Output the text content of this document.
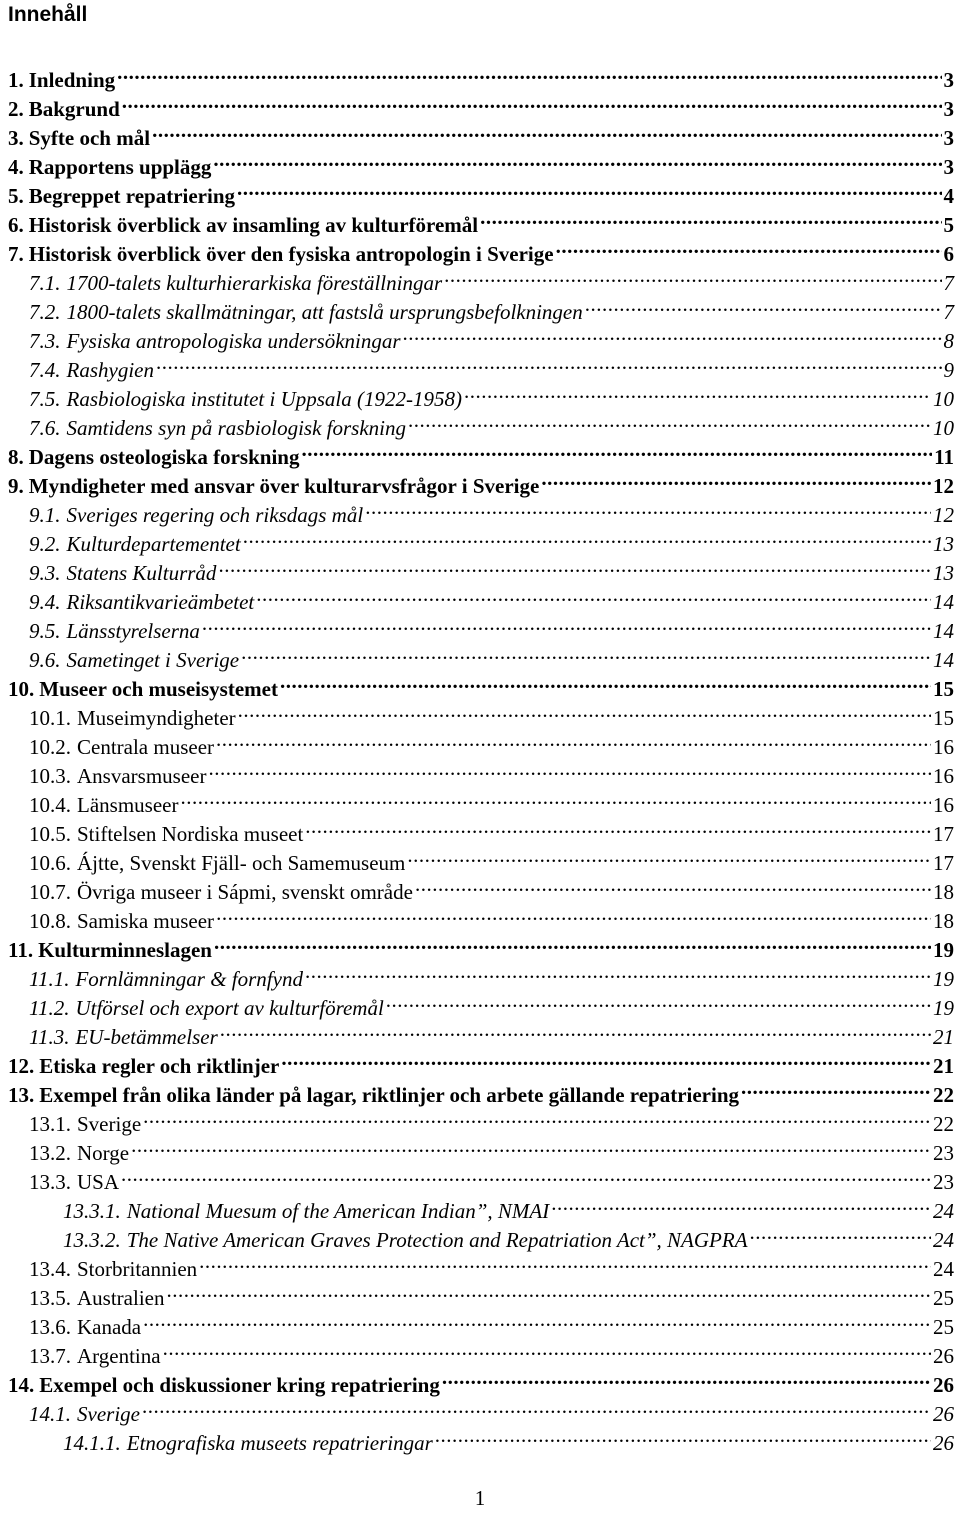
Innehåll
1. Inledning .....	3
2. Bakgrund .....	3
3. Syfte och mål .....	3
4. Rapportens upplägg .....	3
5. Begreppet repatriering .....	4
6. Historisk överblick av insamling av kulturföremål .....	5
7. Historisk överblick över den fysiska antropologin i Sverige .....	6
7.1. 1700-talets kulturhierarkiska föreställningar .....	7
7.2. 1800-talets skallmätningar, att fastslå ursprungsbefolkningen .....	7
7.3. Fysiska antropologiska undersökningar .....	8
7.4. Rashygien .....	9
7.5. Rasbiologiska institutet i Uppsala (1922-1958) .....	10
7.6. Samtidens syn på rasbiologisk forskning .....	10
8. Dagens osteologiska forskning .....	11
9. Myndigheter med ansvar över kulturarvsfrågor i Sverige .....	12
9.1. Sveriges regering och riksdags mål .....	12
9.2. Kulturdepartementet .....	13
9.3. Statens Kulturråd .....	13
9.4. Riksantikvarieämbetet .....	14
9.5. Länsstyrelserna .....	14
9.6. Sametinget i Sverige .....	14
10. Museer och museisystemet .....	15
10.1. Museimyndigheter .....	15
10.2. Centrala museer .....	16
10.3. Ansvarsmuseer .....	16
10.4. Länsmuseer .....	16
10.5. Stiftelsen Nordiska museet .....	17
10.6. Ájtte, Svenskt Fjäll- och Samemuseum .....	17
10.7. Övriga museer i Sápmi, svenskt område .....	18
10.8. Samiska museer .....	18
11. Kulturminneslagen .....	19
11.1. Fornlämningar & fornfynd .....	19
11.2. Utförsel och export av kulturföremål .....	19
11.3. EU-betämmelser .....	21
12. Etiska regler och riktlinjer .....	21
13. Exempel från olika länder på lagar, riktlinjer och arbete gällande repatriering .....	22
13.1. Sverige .....	22
13.2. Norge .....	23
13.3. USA .....	23
13.3.1. National Muesum of the American Indian”, NMAI .....	24
13.3.2. The Native American Graves Protection and Repatriation Act”, NAGPRA .....	24
13.4. Storbritannien .....	24
13.5. Australien .....	25
13.6. Kanada .....	25
13.7. Argentina .....	26
14. Exempel och diskussioner kring repatriering .....	26
14.1. Sverige .....	26
14.1.1. Etnografiska museets repatrieringar .....	26
1
